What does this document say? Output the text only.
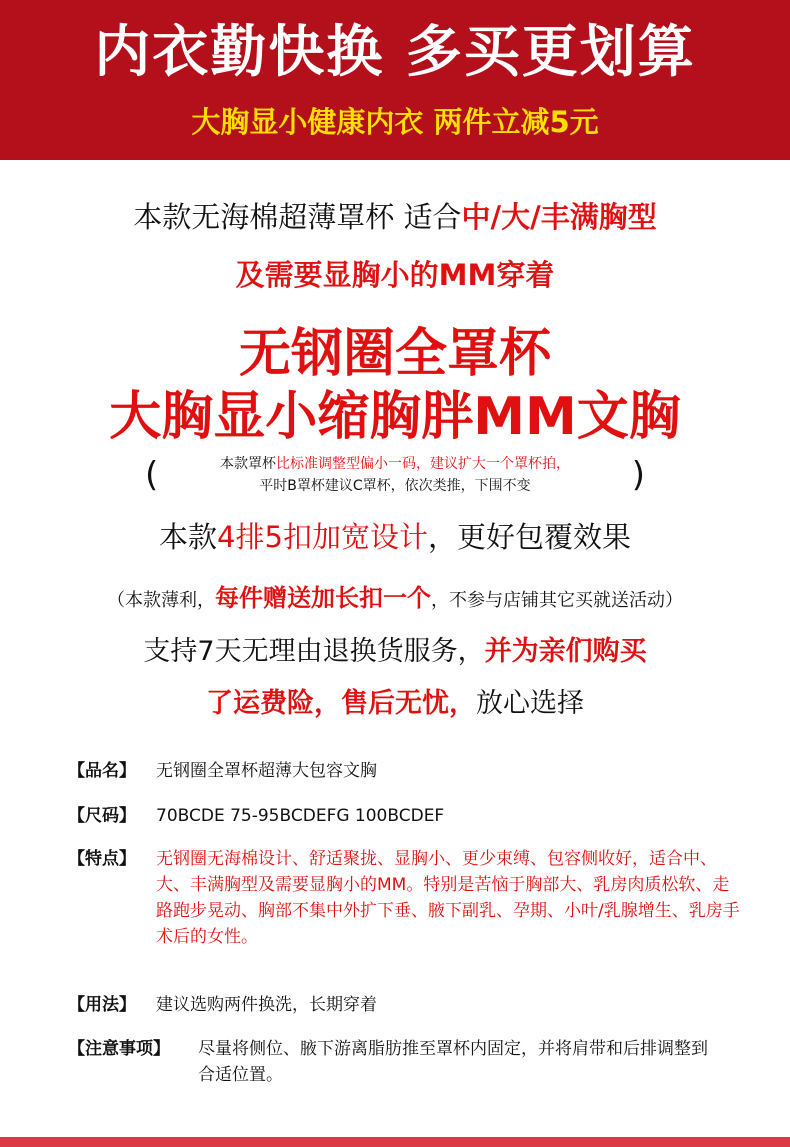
内衣勤快换 多买更划算
大胸显小健康内衣 两件立减5元
本款无海棉超薄罩杯 适合中/大/丰满胸型
及需要显胸小的MM穿着
无钢圈全罩杯
大胸显小缩胸胖MM文胸
(	本款罩杯比标准调整型偏小一码，建议扩大一个罩杯拍，
平时B罩杯建议C罩杯，依次类推，下围不变	)
本款4排5扣加宽设计，更好包覆效果
（本款薄利，每件赠送加长扣一个，不参与店铺其它买就送活动）
支持7天无理由退换货服务，并为亲们购买
了运费险，售后无忧，放心选择
【品名】 无钢圈全罩杯超薄大包容文胸
【尺码】 70BCDE 75-95BCDEFG 100BCDEF
【特点】 无钢圈无海棉设计、舒适聚拢、显胸小、更少束缚、包容侧收好，适合中、大、丰满胸型及需要显胸小的MM。特别是苦恼于胸部大、乳房肉质松软、走路跑步晃动、胸部不集中外扩下垂、腋下副乳、孕期、小叶/乳腺增生、乳房手术后的女性。
【用法】 建议选购两件换洗，长期穿着
【注意事项】 尽量将侧位、腋下游离脂肪推至罩杯内固定，并将肩带和后排调整到合适位置。
